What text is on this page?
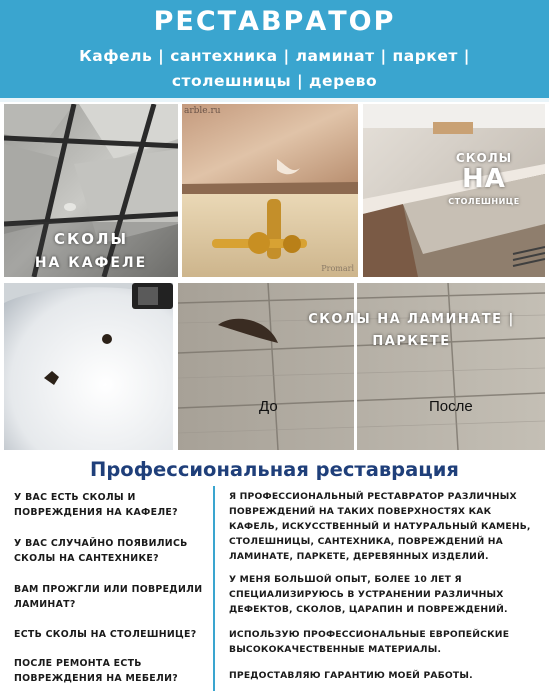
РЕСТАВРАТОР
Кафель | сантехника | ламинат | паркет |
столешницы | дерево
СКОЛЫ
НА КАФЕЛЕ
arble.ru
Promarl
СКОЛЫ
НА
СТОЛЕШНИЦЕ
СКОЛЫ НА ЛАМИНАТЕ |
ПАРКЕТЕ
До	После
Профессиональная реставрация
У ВАС ЕСТЬ СКОЛЫ И ПОВРЕЖДЕНИЯ НА КАФЕЛЕ?
У ВАС СЛУЧАЙНО ПОЯВИЛИСЬ СКОЛЫ НА САНТЕХНИКЕ?
ВАМ ПРОЖГЛИ ИЛИ ПОВРЕДИЛИ ЛАМИНАТ?
ЕСТЬ СКОЛЫ НА СТОЛЕШНИЦЕ?
ПОСЛЕ РЕМОНТА ЕСТЬ ПОВРЕЖДЕНИЯ НА МЕБЕЛИ?
Я ПРОФЕССИОНАЛЬНЫЙ РЕСТАВРАТОР РАЗЛИЧНЫХ ПОВРЕЖДЕНИЙ НА ТАКИХ ПОВЕРХНОСТЯХ КАК КАФЕЛЬ, ИСКУССТВЕННЫЙ И НАТУРАЛЬНЫЙ КАМЕНЬ, СТОЛЕШНИЦЫ, САНТЕХНИКА, ПОВРЕЖДЕНИЙ НА ЛАМИНАТЕ, ПАРКЕТЕ, ДЕРЕВЯННЫХ ИЗДЕЛИЙ.
У МЕНЯ БОЛЬШОЙ ОПЫТ, БОЛЕЕ 10 ЛЕТ Я СПЕЦИАЛИЗИРУЮСЬ В УСТРАНЕНИИ РАЗЛИЧНЫХ ДЕФЕКТОВ, СКОЛОВ, ЦАРАПИН И ПОВРЕЖДЕНИЙ.
ИСПОЛЬЗУЮ ПРОФЕССИОНАЛЬНЫЕ ЕВРОПЕЙСКИЕ ВЫСОКОКАЧЕСТВЕННЫЕ МАТЕРИАЛЫ.
ПРЕДОСТАВЛЯЮ ГАРАНТИЮ МОЕЙ РАБОТЫ.
